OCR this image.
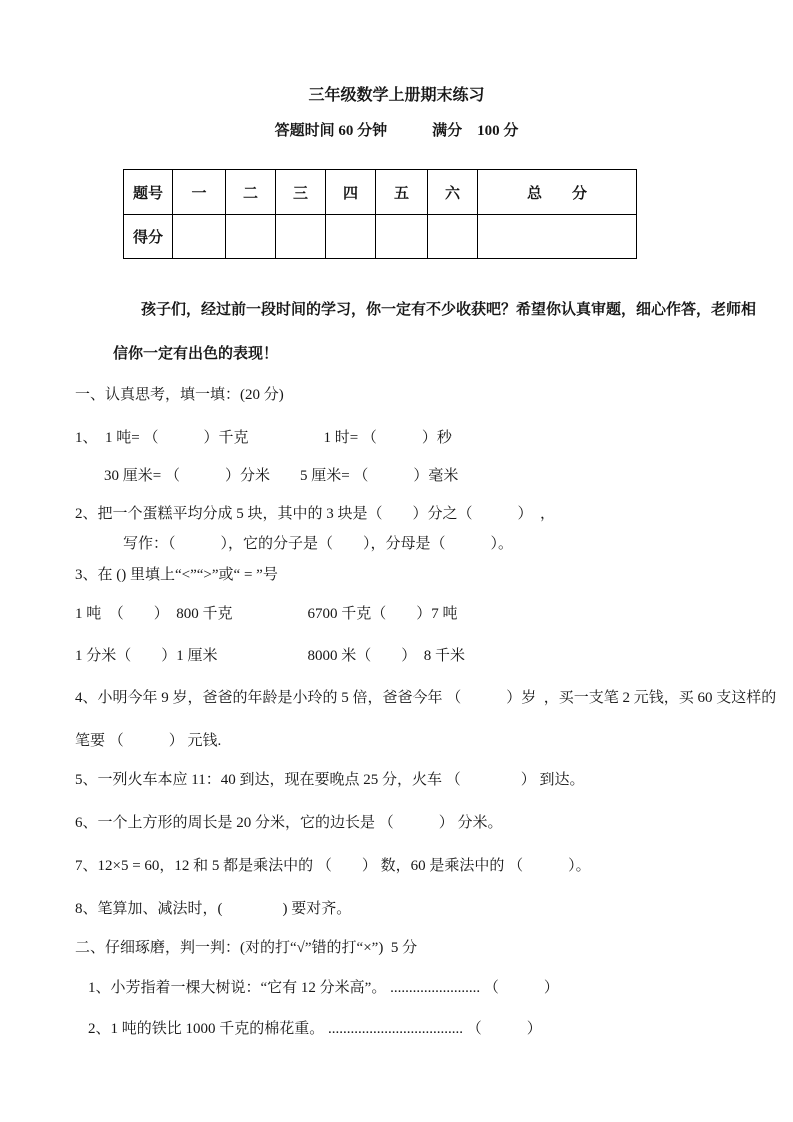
三年级数学上册期末练习
答题时间 60 分钟　　　满分　100 分
题号	一	二	三	四	五	六	总　　分
得分							
孩子们，经过前一段时间的学习，你一定有不少收获吧？希望你认真审题，细心作答，老师相
信你一定有出色的表现！
一、认真思考，填一填：(20 分)
1、　1 吨= （　　　）千克　　　　　1 时= （　　　）秒
30 厘米= （　　　）分米　　5 厘米= （　　　）毫米
2、把一个蛋糕平均分成 5 块，其中的 3 块是（　　）分之（　　　）  ，
写作：（　　　），它的分子是（　　），分母是（　　　）。
3、在 () 里填上“<”“>”或“ = ”号
1 吨　（　　）　800 千克　　　　　6700 千克（　　）7 吨
1 分米（　　）1 厘米　　　　　　8000 米（　　）　8 千米
4、小明今年 9 岁，爸爸的年龄是小玲的 5 倍，爸爸今年 （　　　）岁  ，买一支笔 2 元钱，买 60 支这样的
笔要 （　　　） 元钱.
5、一列火车本应 11：40 到达，现在要晚点 25 分，火车 （　　　　） 到达。
6、一个上方形的周长是 20 分米，它的边长是 （　　　） 分米。
7、12×5 = 60，12 和 5 都是乘法中的 （　　） 数，60 是乘法中的 （　　　）。
8、笔算加、减法时，(　　　　) 要对齐。
二、仔细琢磨，判一判：(对的打“√”错的打“×”)  5 分
1、小芳指着一棵大树说：“它有 12 分米高”。 ........................ （　　　）
2、1 吨的铁比 1000 千克的棉花重。 .................................... （　　　）
